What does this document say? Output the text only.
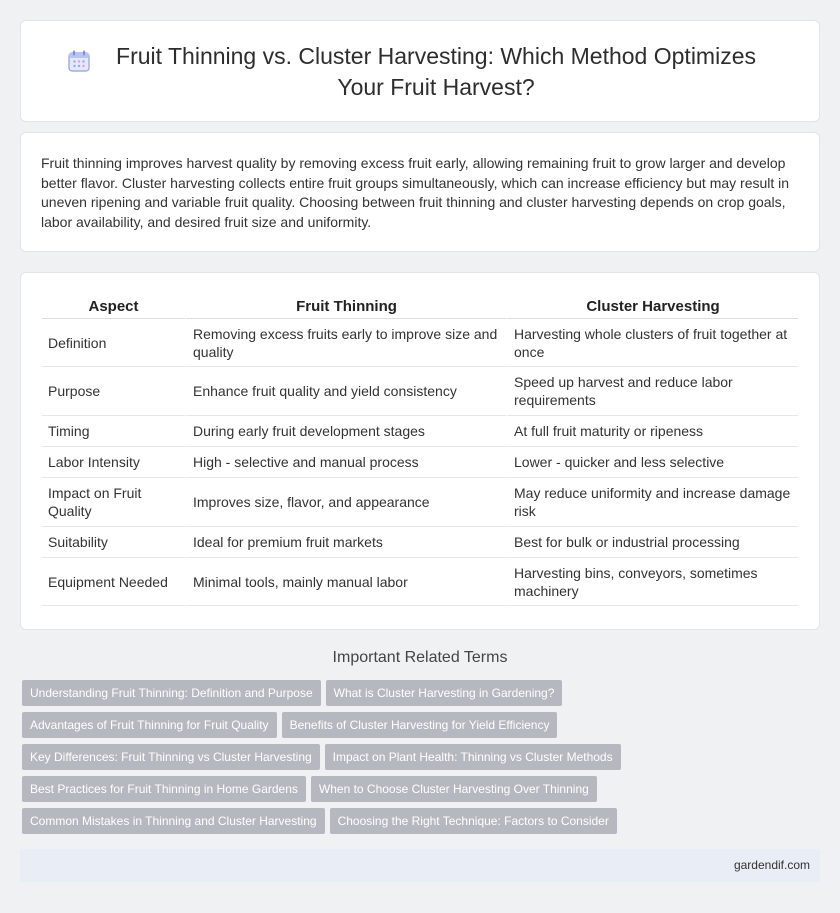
Fruit Thinning vs. Cluster Harvesting: Which Method Optimizes Your Fruit Harvest?

Fruit thinning improves harvest quality by removing excess fruit early, allowing remaining fruit to grow larger and develop better flavor. Cluster harvesting collects entire fruit groups simultaneously, which can increase efficiency but may result in uneven ripening and variable fruit quality. Choosing between fruit thinning and cluster harvesting depends on crop goals, labor availability, and desired fruit size and uniformity.

Aspect	Fruit Thinning	Cluster Harvesting
Definition	Removing excess fruits early to improve size and quality	Harvesting whole clusters of fruit together at once
Purpose	Enhance fruit quality and yield consistency	Speed up harvest and reduce labor requirements
Timing	During early fruit development stages	At full fruit maturity or ripeness
Labor Intensity	High - selective and manual process	Lower - quicker and less selective
Impact on Fruit Quality	Improves size, flavor, and appearance	May reduce uniformity and increase damage risk
Suitability	Ideal for premium fruit markets	Best for bulk or industrial processing
Equipment Needed	Minimal tools, mainly manual labor	Harvesting bins, conveyors, sometimes machinery
Important Related Terms
Understanding Fruit Thinning: Definition and Purpose What is Cluster Harvesting in Gardening?
Advantages of Fruit Thinning for Fruit Quality Benefits of Cluster Harvesting for Yield Efficiency
Key Differences: Fruit Thinning vs Cluster Harvesting Impact on Plant Health: Thinning vs Cluster Methods
Best Practices for Fruit Thinning in Home Gardens When to Choose Cluster Harvesting Over Thinning
Common Mistakes in Thinning and Cluster Harvesting Choosing the Right Technique: Factors to Consider
gardendif.com
